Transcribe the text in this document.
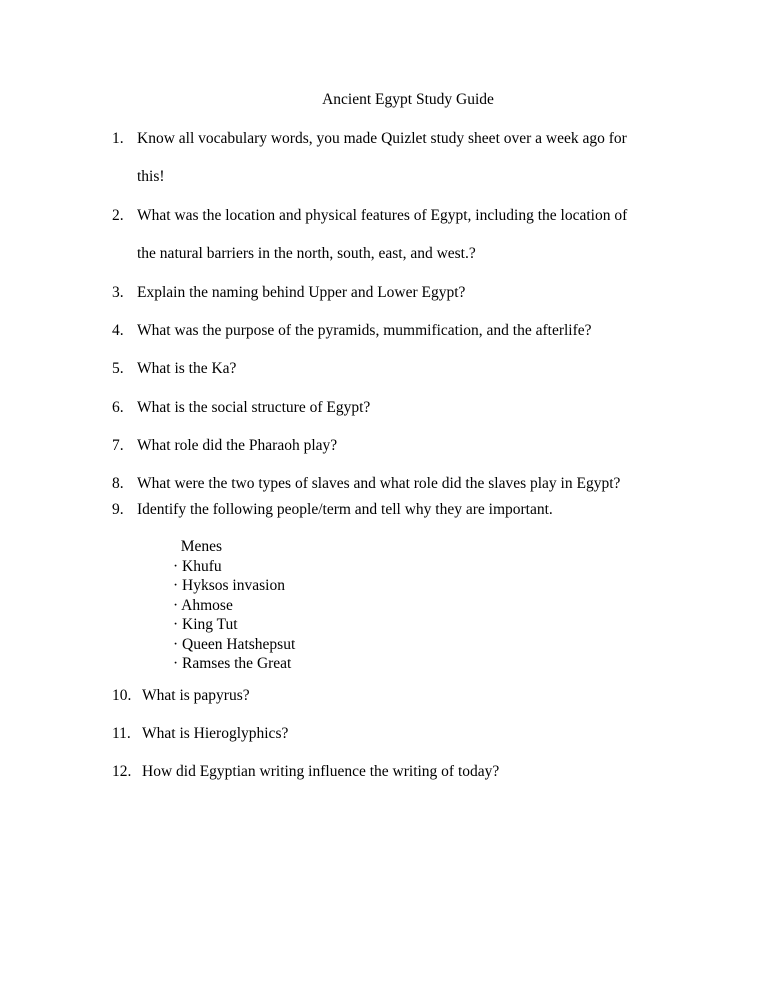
Ancient Egypt Study Guide
1. Know all vocabulary words, you made Quizlet study sheet over a week ago for
this!
2. What was the location and physical features of Egypt, including the location of
the natural barriers in the north, south, east, and west.?
3. Explain the naming behind Upper and Lower Egypt?
4. What was the purpose of the pyramids, mummification, and the afterlife?
5. What is the Ka?
6. What is the social structure of Egypt?
7. What role did the Pharaoh play?
8. What were the two types of slaves and what role did the slaves play in Egypt?
9. Identify the following people/term and tell why they are important.
Menes
· Khufu
· Hyksos invasion
· Ahmose
· King Tut
· Queen Hatshepsut
· Ramses the Great
10. What is papyrus?
11. What is Hieroglyphics?
12. How did Egyptian writing influence the writing of today?
